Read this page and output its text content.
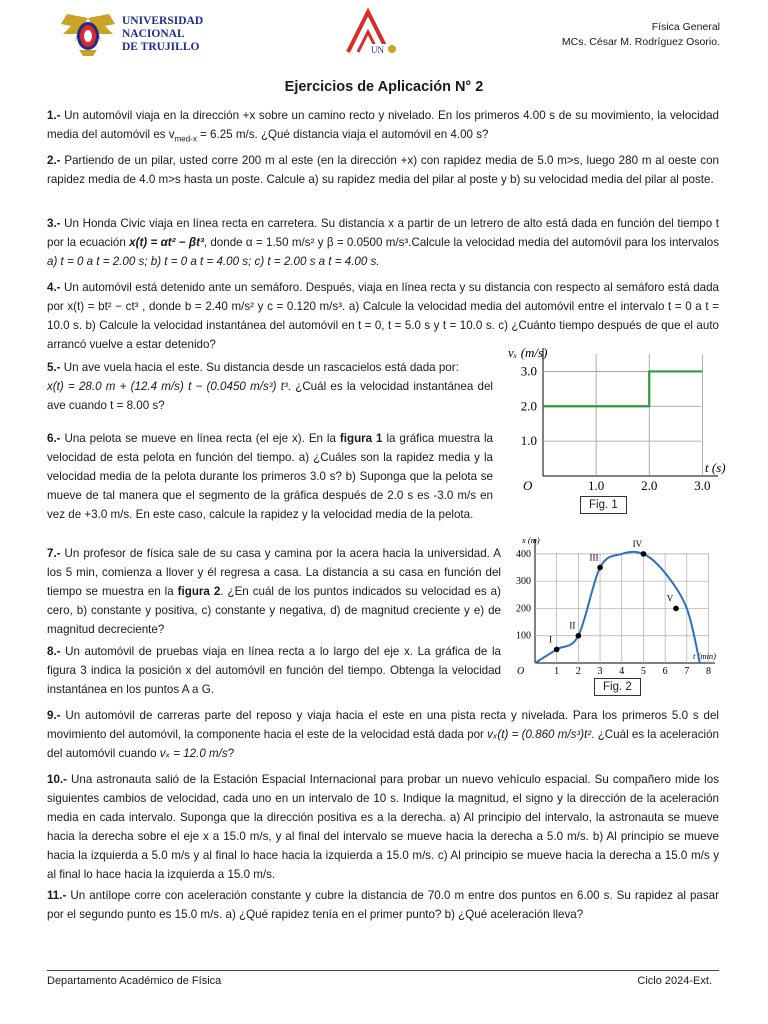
UNIVERSIDAD
NACIONAL
DE TRUJILLO	UN
Física General
MCs. César M. Rodríguez Osorio.
Ejercicios de Aplicación N° 2

1.- Un automóvil viaja en la dirección +x sobre un camino recto y nivelado. En los primeros 4.00 s de su movimiento, la velocidad media del automóvil es $v_{med-x} = 6.25$ m/s. ¿Qué distancia viaja el automóvil en 4.00 s?

2.- Partiendo de un pilar, usted corre 200 m al este (en la dirección +x) con rapidez media de 5.0 m>s, luego 280 m al oeste con rapidez media de 4.0 m>s hasta un poste. Calcule a) su rapidez media del pilar al poste y b) su velocidad media del pilar al poste.

3.- Un Honda Civic viaja en línea recta en carretera. Su distancia x a partir de un letrero de alto está dada en función del tiempo t por la ecuación x(t) = αt² − βt³, donde α = 1.50 m/s² y β = 0.0500 m/s³.Calcule la velocidad media del automóvil para los intervalos a) t = 0 a t = 2.00 s; b) t = 0 a t = 4.00 s; c) t = 2.00 s a t = 4.00 s.

4.- Un automóvil está detenido ante un semáforo. Después, viaja en línea recta y su distancia con respecto al semáforo está dada por x(t) = bt² − ct³ , donde b = 2.40 m/s² y c = 0.120 m/s³. a) Calcule la velocidad media del automóvil entre el intervalo t = 0 a t = 10.0 s. b) Calcule la velocidad instantánea del automóvil en t = 0, t = 5.0 s y t = 10.0 s. c) ¿Cuánto tiempo después de que el auto arrancó vuelve a estar detenido?

5.- Un ave vuela hacia el este. Su distancia desde un rascacielos está dada por:
x(t) = 28.0 m + (12.4 m/s) t − (0.0450 m/s³) t³. ¿Cuál es la velocidad instantánea del ave cuando t = 8.00 s?

6.- Una pelota se mueve en línea recta (el eje x). En la figura 1 la gráfica muestra la velocidad de esta pelota en función del tiempo. a) ¿Cuáles son la rapidez media y la velocidad media de la pelota durante los primeros 3.0 s? b) Suponga que la pelota se mueve de tal manera que el segmento de la gráfica después de 2.0 s es -3.0 m/s en vez de +3.0 m/s. En este caso, calcule la rapidez y la velocidad media de la pelota.

7.- Un profesor de física sale de su casa y camina por la acera hacia la universidad. A los 5 min, comienza a llover y él regresa a casa. La distancia a su casa en función del tiempo se muestra en la figura 2. ¿En cuál de los puntos indicados su velocidad es a) cero, b) constante y positiva, c) constante y negativa, d) de magnitud creciente y e) de magnitud decreciente?

8.- Un automóvil de pruebas viaja en línea recta a lo largo del eje x. La gráfica de la figura 3 indica la posición x del automóvil en función del tiempo. Obtenga la velocidad instantánea en los puntos A a G.

9.- Un automóvil de carreras parte del reposo y viaja hacia el este en una pista recta y nivelada. Para los primeros 5.0 s del movimiento del automóvil, la componente hacia el este de la velocidad está dada por vₓ(t) = (0.860 m/s³)t². ¿Cuál es la aceleración del automóvil cuando vₓ = 12.0 m/s?

10.- Una astronauta salió de la Estación Espacial Internacional para probar un nuevo vehículo espacial. Su compañero mide los siguientes cambios de velocidad, cada uno en un intervalo de 10 s. Indique la magnitud, el signo y la dirección de la aceleración media en cada intervalo. Suponga que la dirección positiva es a la derecha. a) Al principio del intervalo, la astronauta se mueve hacia la derecha sobre el eje x a 15.0 m/s, y al final del intervalo se mueve hacia la derecha a 5.0 m/s. b) Al principio se mueve hacia la izquierda a 5.0 m/s y al final lo hace hacia la izquierda a 15.0 m/s. c) Al principio se mueve hacia la derecha a 15.0 m/s y al final lo hace hacia la izquierda a 15.0 m/s.

11.- Un antílope corre con aceleración constante y cubre la distancia de 70.0 m entre dos puntos en 6.00 s. Su rapidez al pasar por el segundo punto es 15.0 m/s. a) ¿Qué rapidez tenía en el primer punto? b) ¿Qué aceleración lleva?

1.0	2.0	3.0
1.0
2.0
3.0
O
vₓ (m/s)
t (s)
Fig. 1
100
200
300
400
1 2 3 4 5 6 7 8
O
x (m)
t (min)
I
II
III
IV
V
Fig. 2
Departamento Académico de Física	Ciclo 2024-Ext.
